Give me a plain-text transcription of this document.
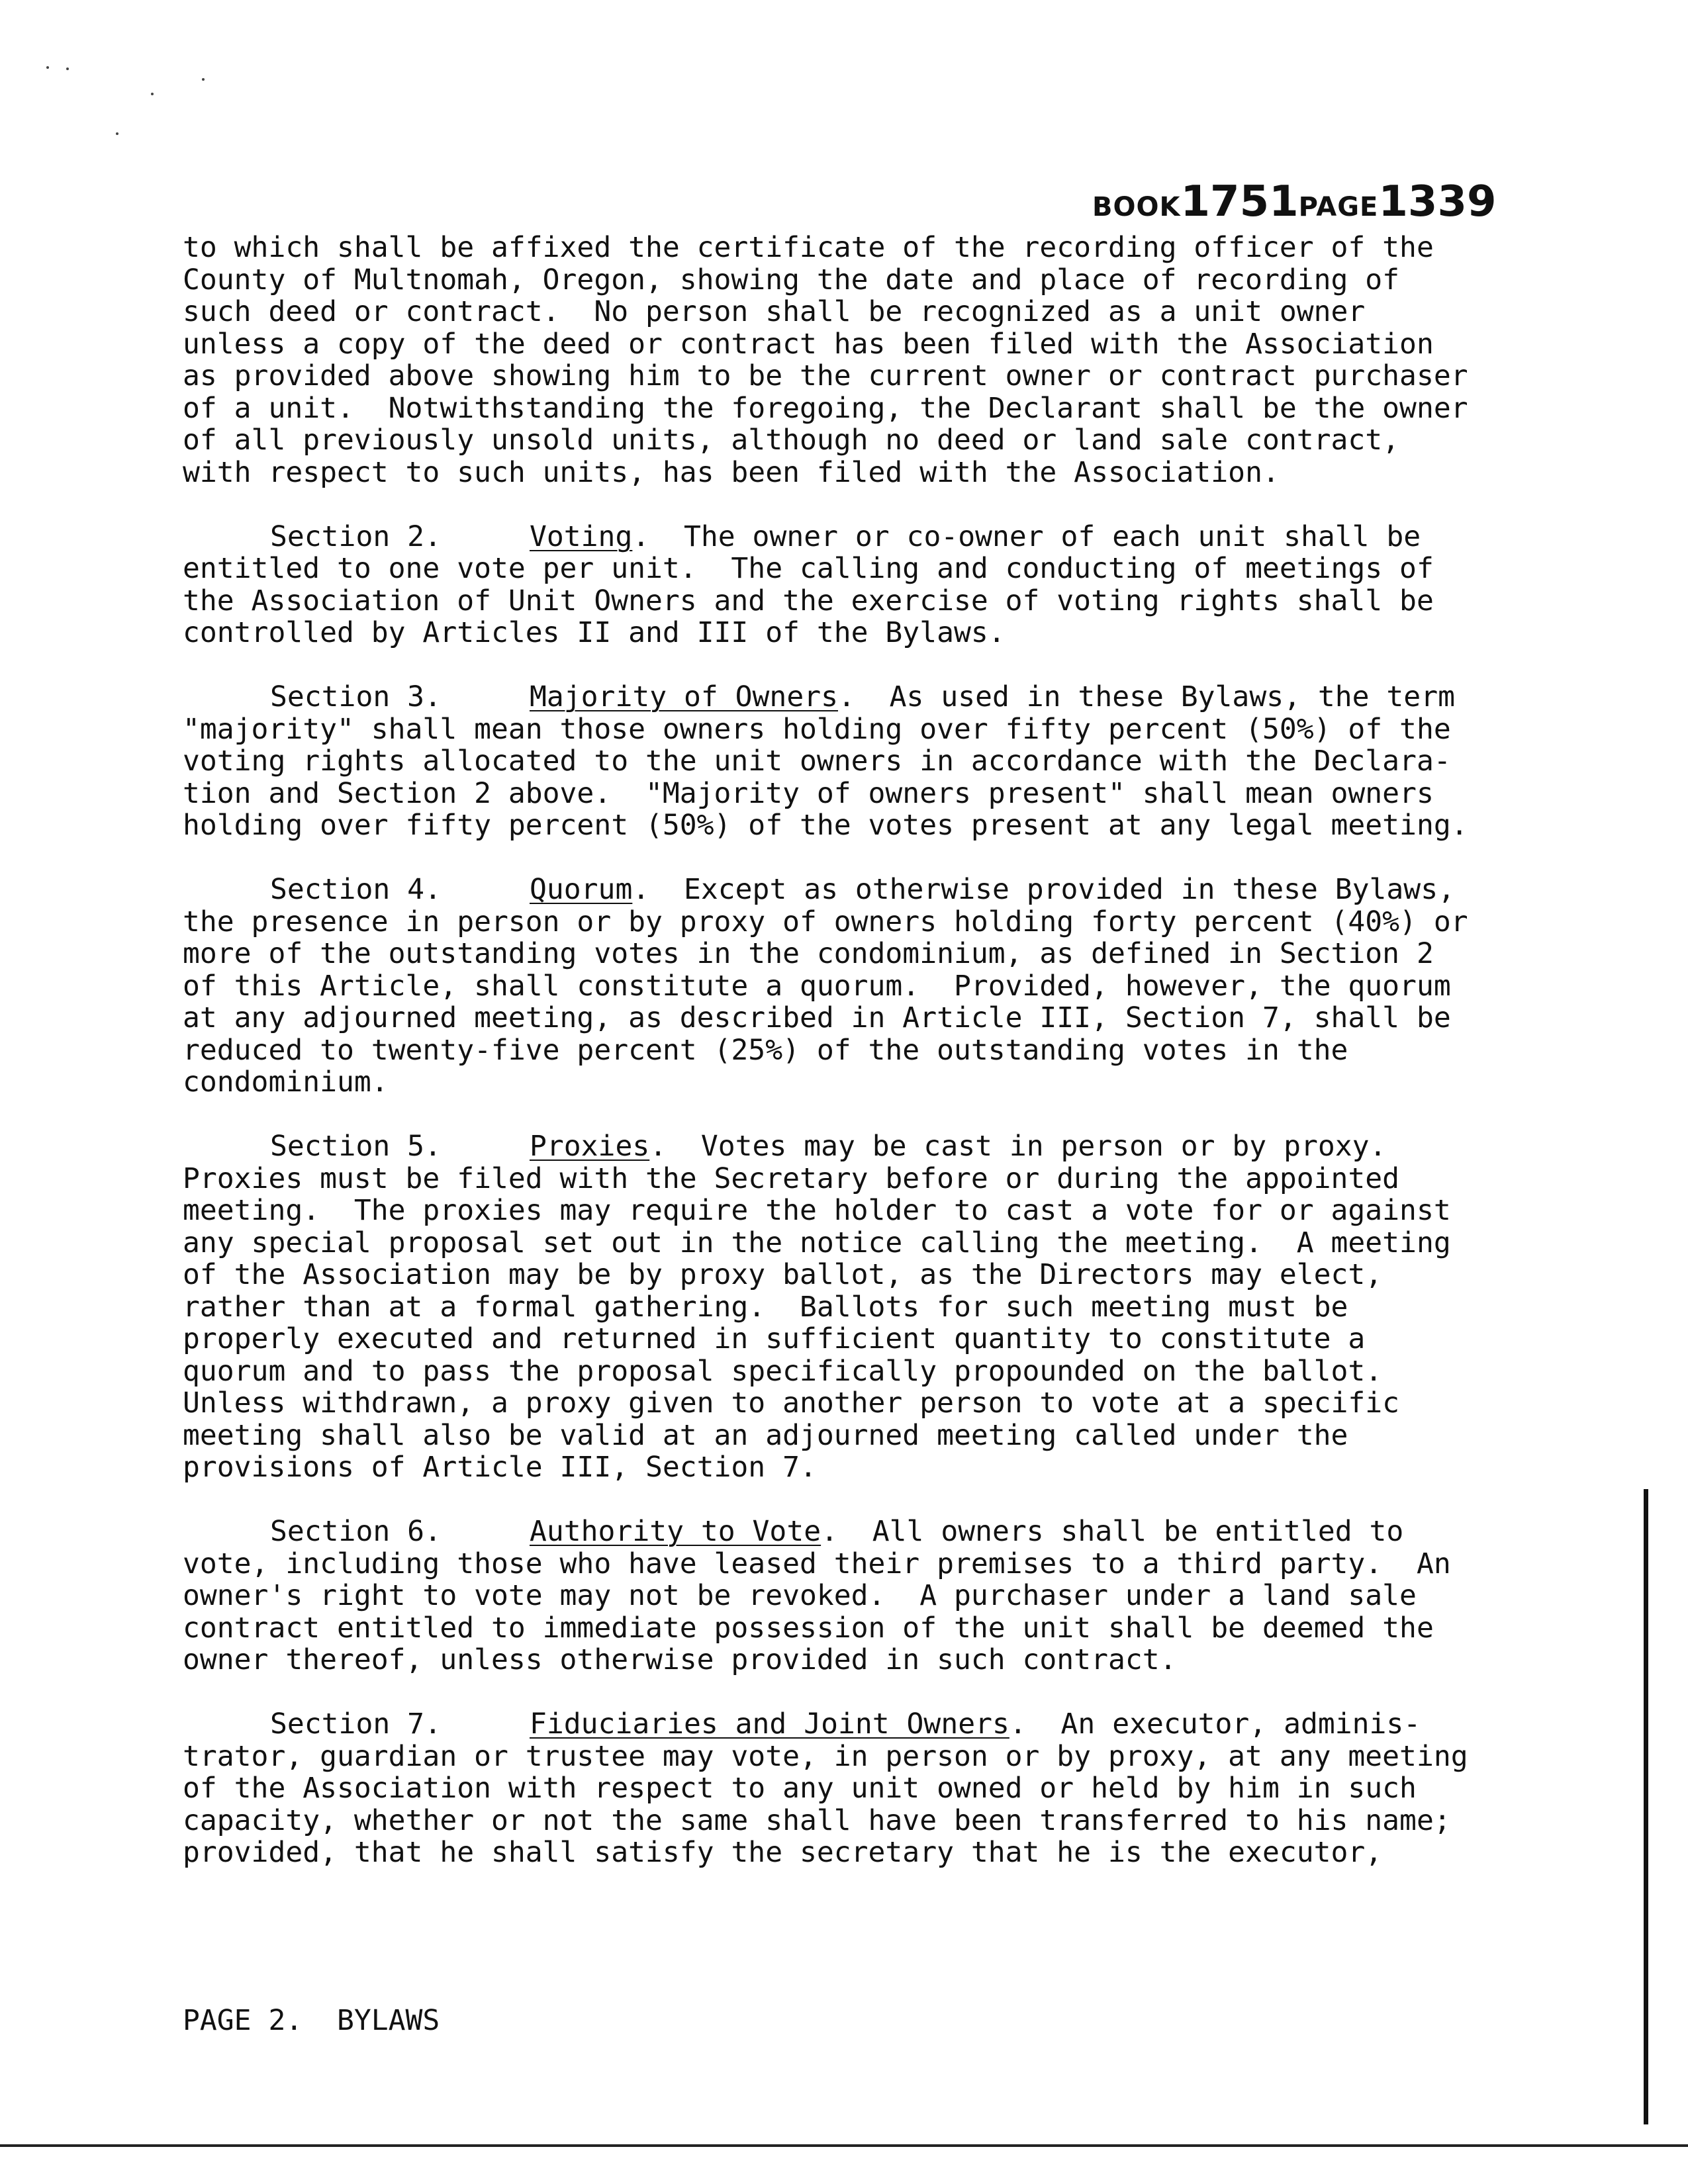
BOOK1751PAGE1339
to which shall be affixed the certificate of the recording officer of the
County of Multnomah, Oregon, showing the date and place of recording of
such deed or contract.  No person shall be recognized as a unit owner
unless a copy of the deed or contract has been filed with the Association
as provided above showing him to be the current owner or contract purchaser
of a unit.  Notwithstanding the foregoing, the Declarant shall be the owner
of all previously unsold units, although no deed or land sale contract,
with respect to such units, has been filed with the Association.
Section 2.	Voting.  The owner or co-owner of each unit shall be
entitled to one vote per unit.  The calling and conducting of meetings of
the Association of Unit Owners and the exercise of voting rights shall be
controlled by Articles II and III of the Bylaws.
Section 3.	Majority of Owners.  As used in these Bylaws, the term
"majority" shall mean those owners holding over fifty percent (50%) of the
voting rights allocated to the unit owners in accordance with the Declara-
tion and Section 2 above.  "Majority of owners present" shall mean owners
holding over fifty percent (50%) of the votes present at any legal meeting.
Section 4.	Quorum.  Except as otherwise provided in these Bylaws,
the presence in person or by proxy of owners holding forty percent (40%) or
more of the outstanding votes in the condominium, as defined in Section 2
of this Article, shall constitute a quorum.  Provided, however, the quorum
at any adjourned meeting, as described in Article III, Section 7, shall be
reduced to twenty-five percent (25%) of the outstanding votes in the
condominium.
Section 5.	Proxies.  Votes may be cast in person or by proxy.
Proxies must be filed with the Secretary before or during the appointed
meeting.  The proxies may require the holder to cast a vote for or against
any special proposal set out in the notice calling the meeting.  A meeting
of the Association may be by proxy ballot, as the Directors may elect,
rather than at a formal gathering.  Ballots for such meeting must be
properly executed and returned in sufficient quantity to constitute a
quorum and to pass the proposal specifically propounded on the ballot.
Unless withdrawn, a proxy given to another person to vote at a specific
meeting shall also be valid at an adjourned meeting called under the
provisions of Article III, Section 7.
Section 6.	Authority to Vote.  All owners shall be entitled to
vote, including those who have leased their premises to a third party.  An
owner's right to vote may not be revoked.  A purchaser under a land sale
contract entitled to immediate possession of the unit shall be deemed the
owner thereof, unless otherwise provided in such contract.
Section 7.	Fiduciaries and Joint Owners.  An executor, adminis-
trator, guardian or trustee may vote, in person or by proxy, at any meeting
of the Association with respect to any unit owned or held by him in such
capacity, whether or not the same shall have been transferred to his name;
provided, that he shall satisfy the secretary that he is the executor,
PAGE 2.  BYLAWS
